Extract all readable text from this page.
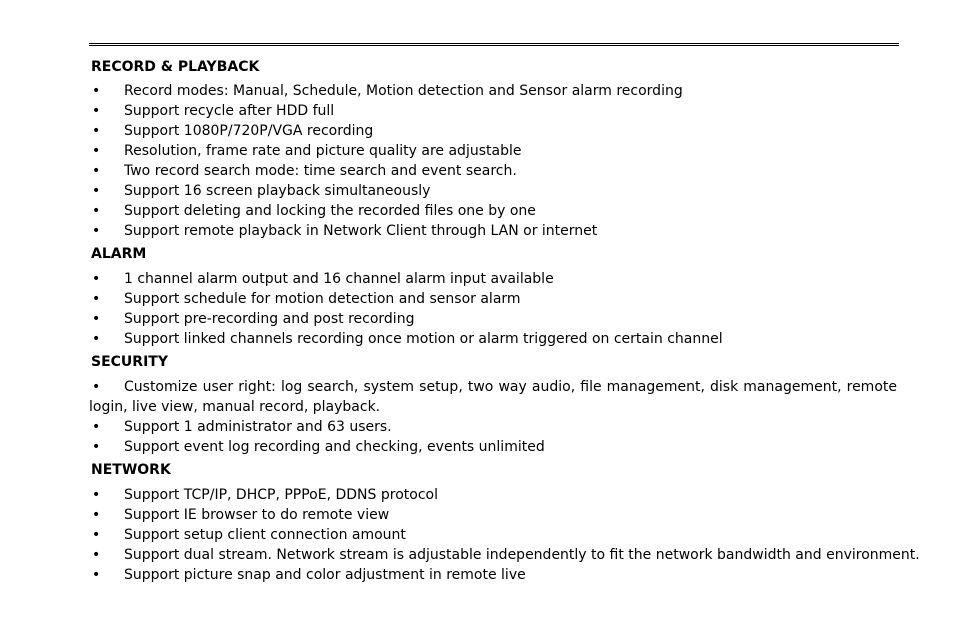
RECORD & PLAYBACK
• Record modes: Manual, Schedule, Motion detection and Sensor alarm recording
• Support recycle after HDD full
• Support 1080P/720P/VGA recording
• Resolution, frame rate and picture quality are adjustable
• Two record search mode: time search and event search.
• Support 16 screen playback simultaneously
• Support deleting and locking the recorded files one by one
• Support remote playback in Network Client through LAN or internet
ALARM
• 1 channel alarm output and 16 channel alarm input available
• Support schedule for motion detection and sensor alarm
• Support pre-recording and post recording
• Support linked channels recording once motion or alarm triggered on certain channel
SECURITY
• Customize user right: log search, system setup, two way audio, file management, disk management, remote login, live view, manual record, playback.
• Support 1 administrator and 63 users.
• Support event log recording and checking, events unlimited
NETWORK
• Support TCP/IP, DHCP, PPPoE, DDNS protocol
• Support IE browser to do remote view
• Support setup client connection amount
• Support dual stream. Network stream is adjustable independently to fit the network bandwidth and environment.
• Support picture snap and color adjustment in remote live
